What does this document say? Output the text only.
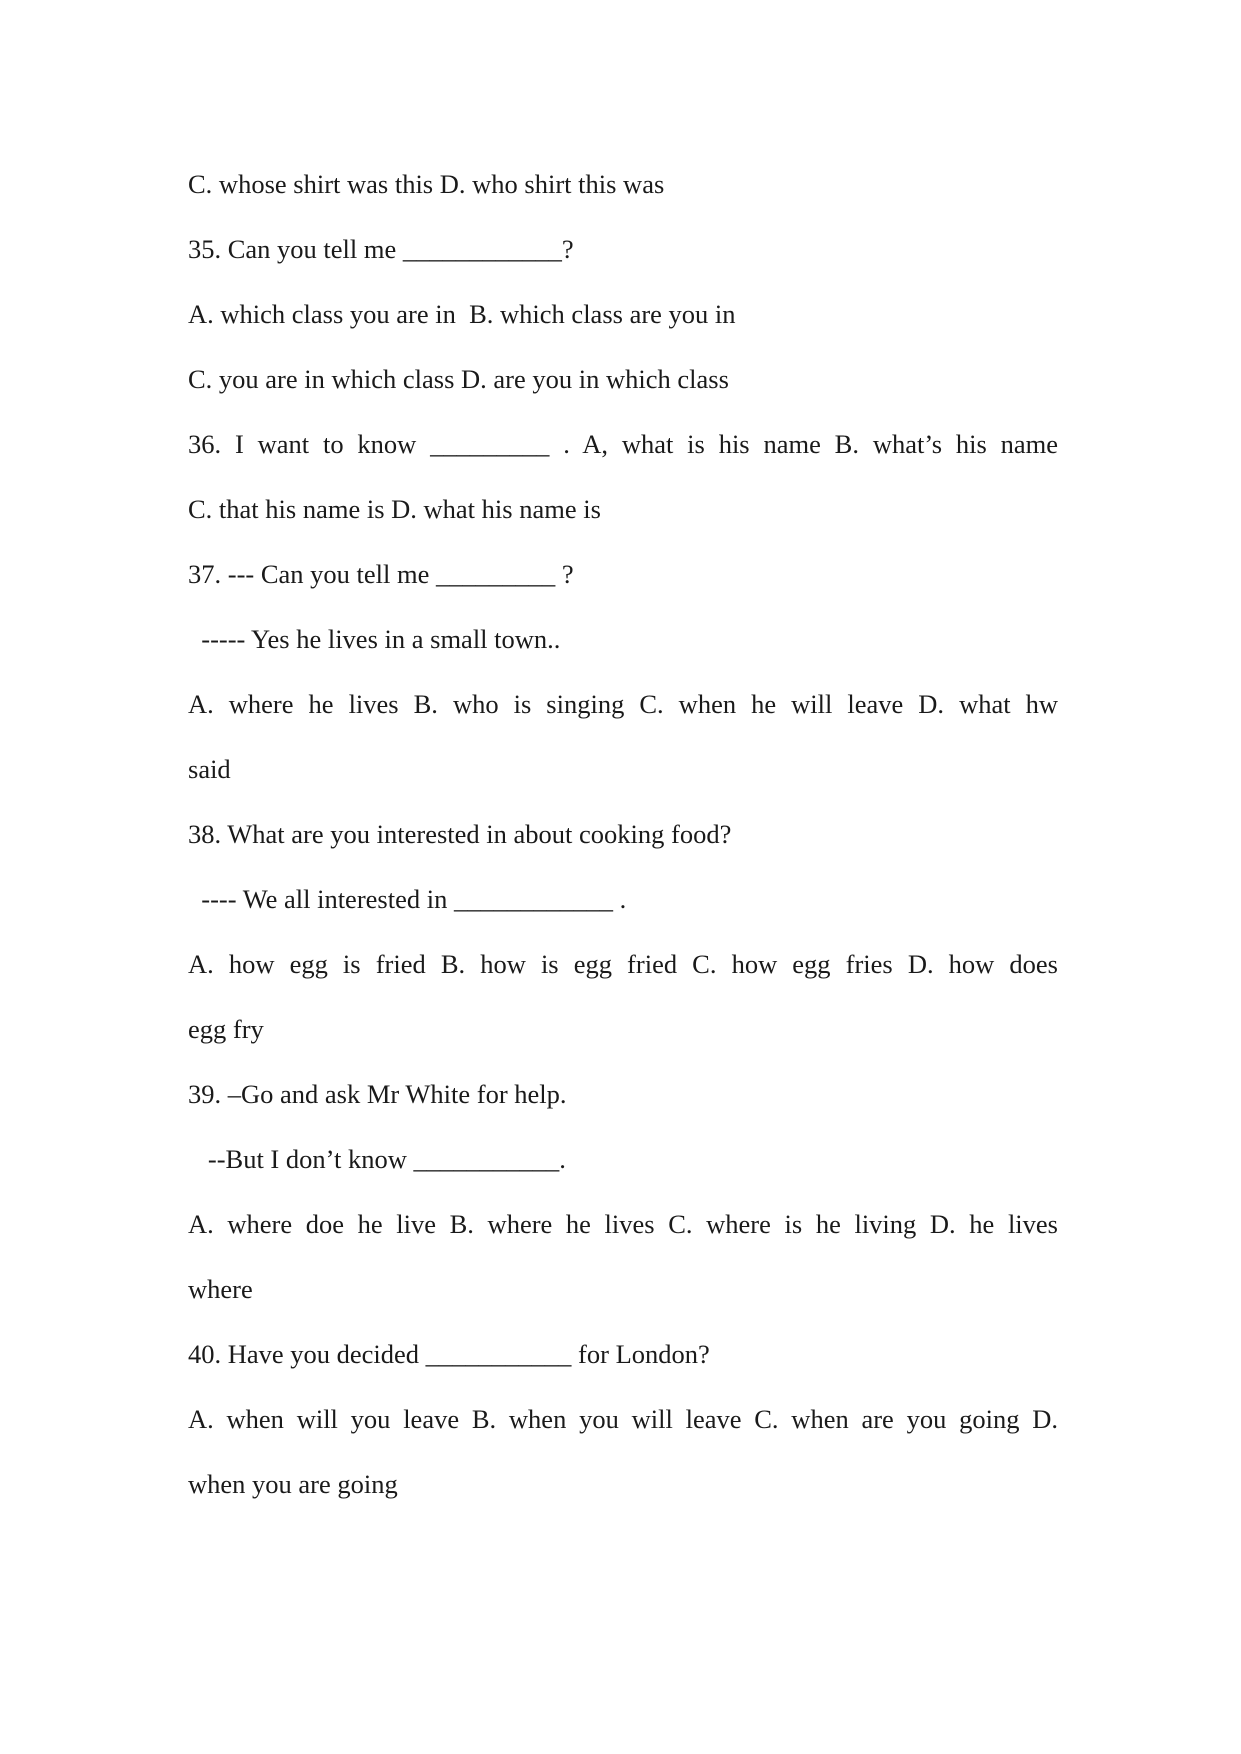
C. whose shirt was this D. who shirt this was
35. Can you tell me ____________?
A. which class you are in  B. which class are you in
C. you are in which class D. are you in which class
36. I want to know _________ . A, what is his name B. what’s his name
C. that his name is D. what his name is
37. --- Can you tell me _________ ?
----- Yes he lives in a small town..
A. where he lives B. who is singing C. when he will leave D. what hw
said
38. What are you interested in about cooking food?
---- We all interested in ____________ .
A. how egg is fried B. how is egg fried C. how egg fries D. how does
egg fry
39. –Go and ask Mr White for help.
--But I don’t know ___________.
A. where doe he live B. where he lives C. where is he living D. he lives
where
40. Have you decided ___________ for London?
A. when will you leave B. when you will leave C. when are you going D.
when you are going
